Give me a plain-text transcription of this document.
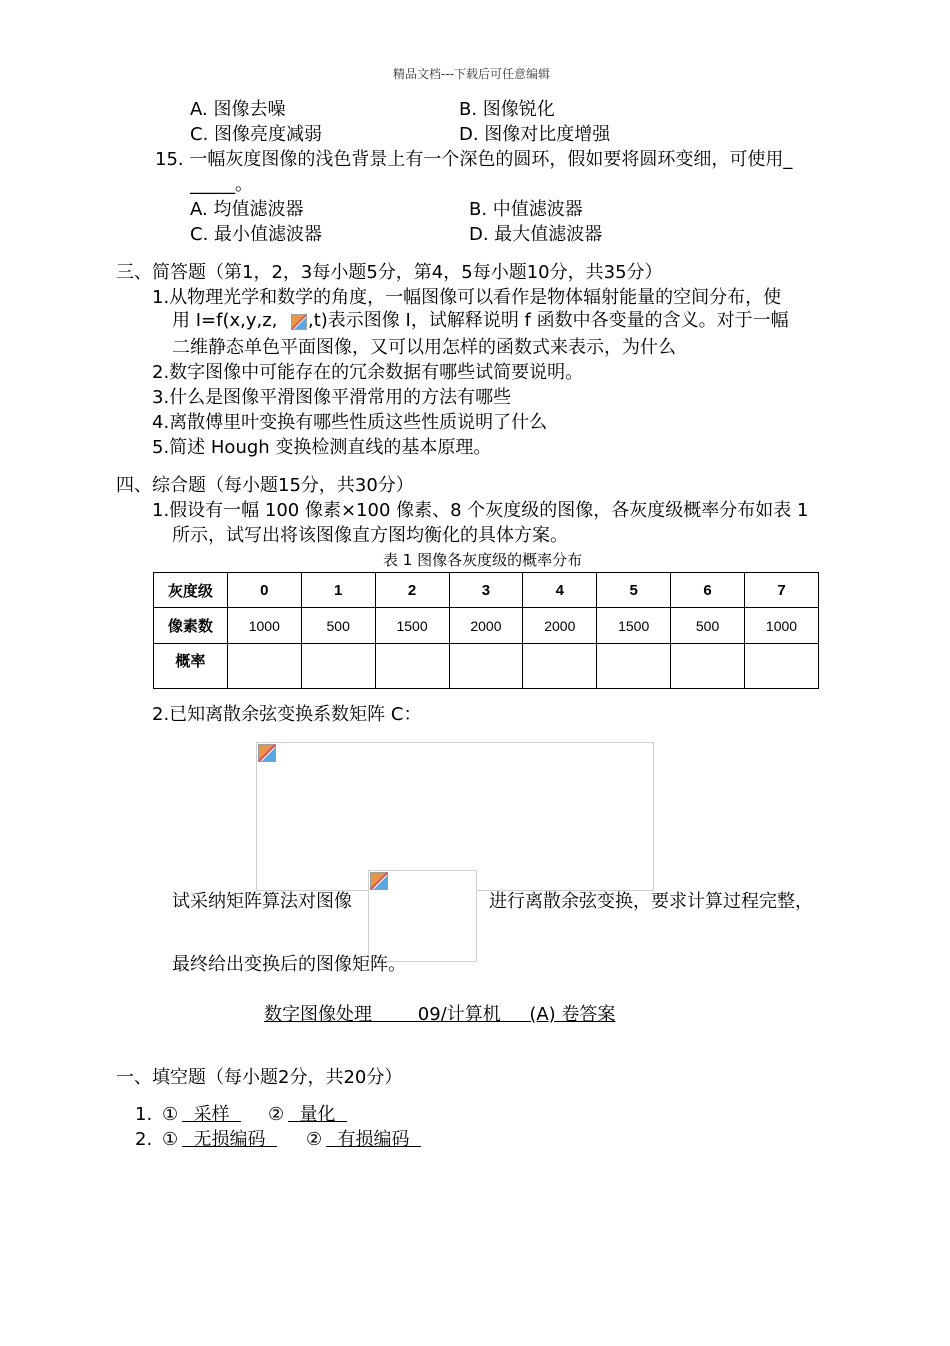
精品文档---下载后可任意编辑
A. 图像去噪	B. 图像锐化
C. 图像亮度减弱	D. 图像对比度增强
15. 一幅灰度图像的浅色背景上有一个深色的圆环，假如要将圆环变细，可使用_
_____。
A. 均值滤波器	B. 中值滤波器
C. 最小值滤波器	D. 最大值滤波器
三、简答题（第1，2，3每小题5分，第4，5每小题10分，共35分）
1.从物理光学和数学的角度，一幅图像可以看作是物体辐射能量的空间分布，使
用 I=f(x,y,z, ,t)表示图像 I，试解释说明 f 函数中各变量的含义。对于一幅
二维静态单色平面图像，又可以用怎样的函数式来表示，为什么
2.数字图像中可能存在的冗余数据有哪些试简要说明。
3.什么是图像平滑图像平滑常用的方法有哪些
4.离散傅里叶变换有哪些性质这些性质说明了什么
5.简述 Hough 变换检测直线的基本原理。
四、综合题（每小题15分，共30分）
1.假设有一幅 100 像素×100 像素、8 个灰度级的图像，各灰度级概率分布如表 1
所示，试写出将该图像直方图均衡化的具体方案。
表 1 图像各灰度级的概率分布
灰度级	0	1	2	3	4	5	6	7
像素数	1000	500	1500	2000	2000	1500	500	1000
概率								
2.已知离散余弦变换系数矩阵 C：
试采纳矩阵算法对图像	进行离散余弦变换，要求计算过程完整，
最终给出变换后的图像矩阵。
数字图像处理        09/计算机     (A) 卷答案
一、填空题（每小题2分，共20分）
1. ① 采样 ② 量化
2. ① 无损编码 ② 有损编码
